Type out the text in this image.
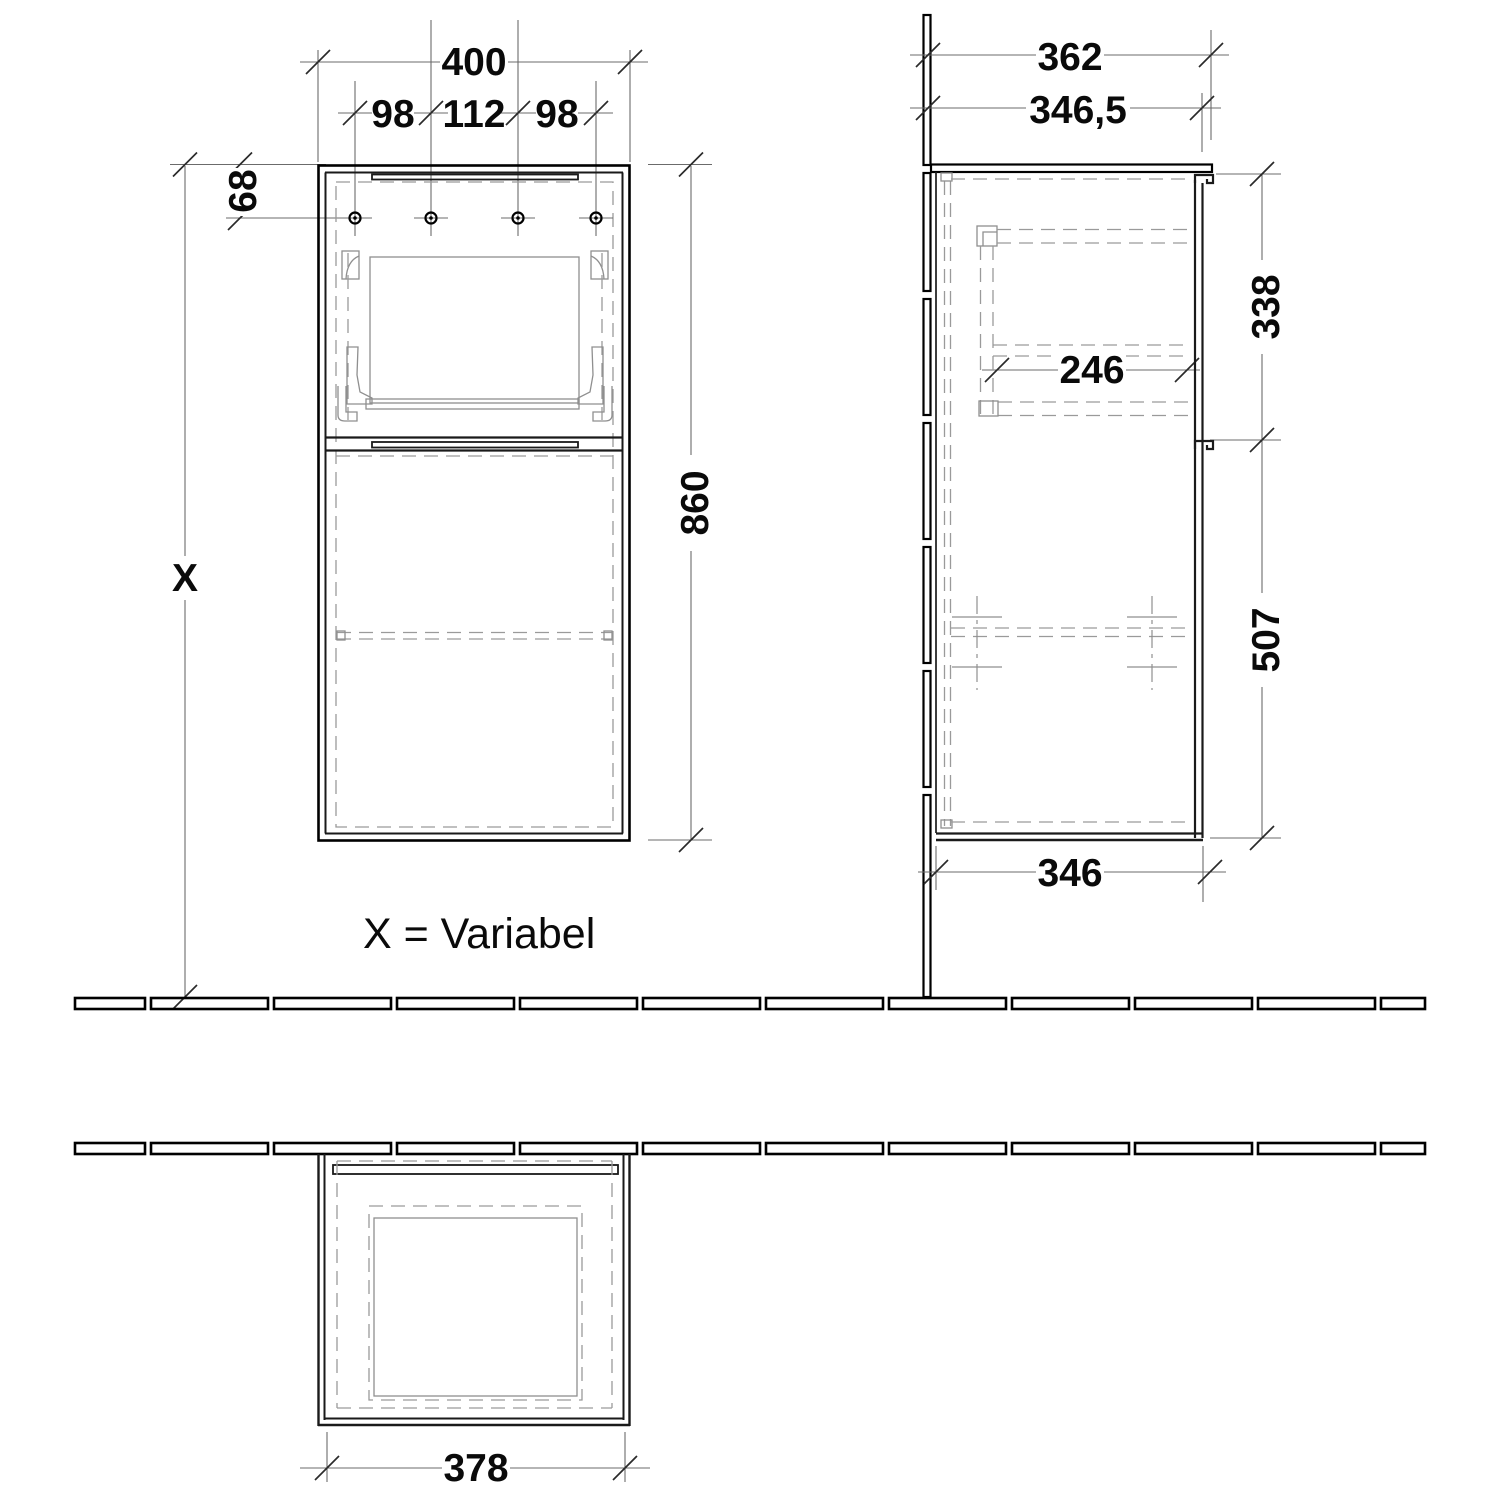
400
98 112 98
68
X
860
362
346,5
338
246
507
346
X = Variabel
378
